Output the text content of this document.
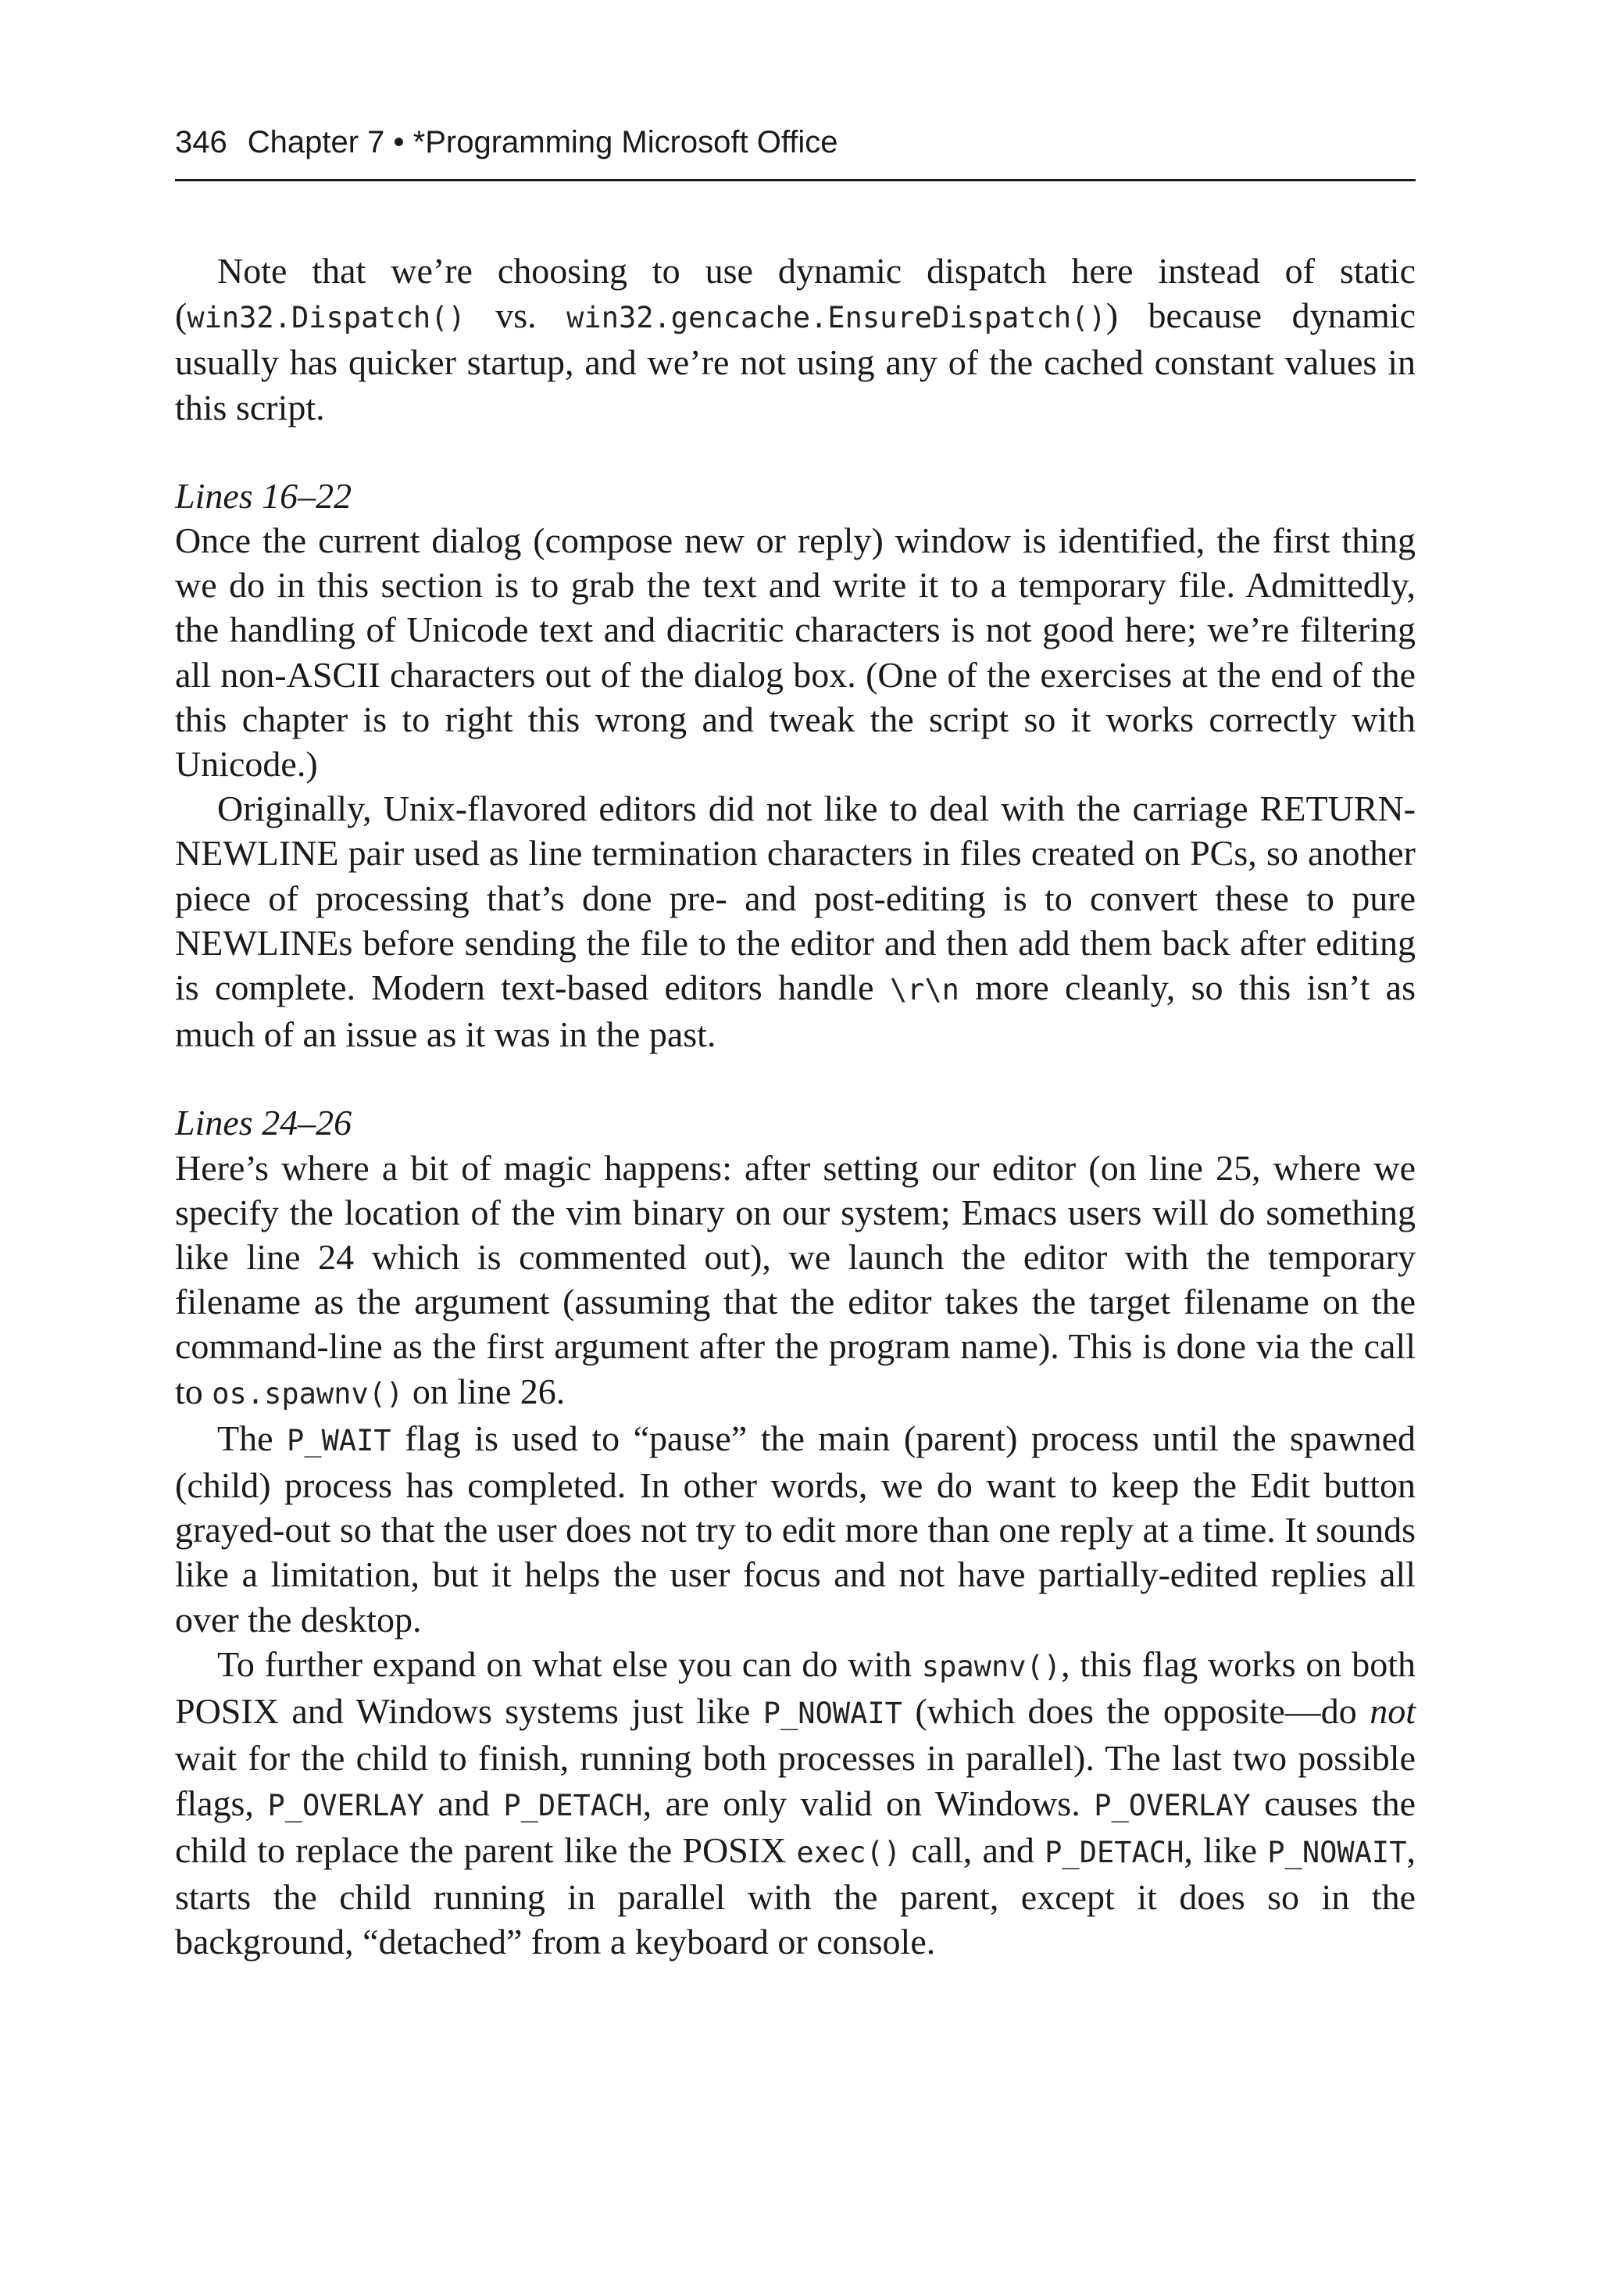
346 Chapter 7 • *Programming Microsoft Office

Note that we’re choosing to use dynamic dispatch here instead of static (win32.Dispatch() vs. win32.gencache.EnsureDispatch()) because dynamic usually has quicker startup, and we’re not using any of the cached constant values in this script.

Lines 16–22

Once the current dialog (compose new or reply) window is identified, the first thing we do in this section is to grab the text and write it to a temporary file. Admittedly, the handling of Unicode text and diacritic characters is not good here; we’re filtering all non-ASCII characters out of the dialog box. (One of the exercises at the end of the this chapter is to right this wrong and tweak the script so it works correctly with Unicode.)

Originally, Unix-flavored editors did not like to deal with the carriage RETURN-NEWLINE pair used as line termination characters in files created on PCs, so another piece of processing that’s done pre- and post-editing is to convert these to pure NEWLINEs before sending the file to the editor and then add them back after editing is complete. Modern text-based editors handle \r\n more cleanly, so this isn’t as much of an issue as it was in the past.

Lines 24–26

Here’s where a bit of magic happens: after setting our editor (on line 25, where we specify the location of the vim binary on our system; Emacs users will do something like line 24 which is commented out), we launch the editor with the temporary filename as the argument (assuming that the editor takes the target filename on the command-line as the first argument after the program name). This is done via the call to os.spawnv() on line 26.

The P_WAIT flag is used to “pause” the main (parent) process until the spawned (child) process has completed. In other words, we do want to keep the Edit button grayed-out so that the user does not try to edit more than one reply at a time. It sounds like a limitation, but it helps the user focus and not have partially-edited replies all over the desktop.

To further expand on what else you can do with spawnv(), this flag works on both POSIX and Windows systems just like P_NOWAIT (which does the opposite—do not wait for the child to finish, running both processes in parallel). The last two possible flags, P_OVERLAY and P_DETACH, are only valid on Windows. P_OVERLAY causes the child to replace the parent like the POSIX exec() call, and P_DETACH, like P_NOWAIT, starts the child running in parallel with the parent, except it does so in the background, “detached” from a keyboard or console.
